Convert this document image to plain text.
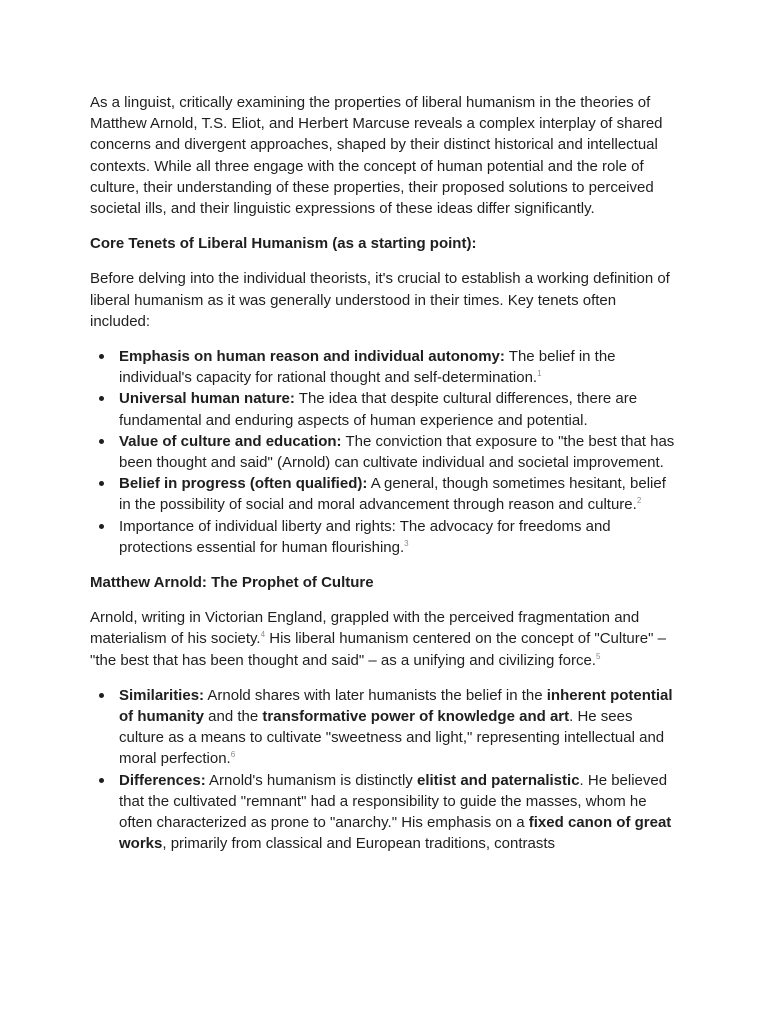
As a linguist, critically examining the properties of liberal humanism in the theories of Matthew Arnold, T.S. Eliot, and Herbert Marcuse reveals a complex interplay of shared concerns and divergent approaches, shaped by their distinct historical and intellectual contexts. While all three engage with the concept of human potential and the role of culture, their understanding of these properties, their proposed solutions to perceived societal ills, and their linguistic expressions of these ideas differ significantly.

Core Tenets of Liberal Humanism (as a starting point):

Before delving into the individual theorists, it's crucial to establish a working definition of liberal humanism as it was generally understood in their times. Key tenets often included:

Emphasis on human reason and individual autonomy: The belief in the individual's capacity for rational thought and self-determination.$^1$
Universal human nature: The idea that despite cultural differences, there are fundamental and enduring aspects of human experience and potential.
Value of culture and education: The conviction that exposure to "the best that has been thought and said" (Arnold) can cultivate individual and societal improvement.
Belief in progress (often qualified): A general, though sometimes hesitant, belief in the possibility of social and moral advancement through reason and culture.$^2$
Importance of individual liberty and rights: The advocacy for freedoms and protections essential for human flourishing.$^3$

Matthew Arnold: The Prophet of Culture

Arnold, writing in Victorian England, grappled with the perceived fragmentation and materialism of his society.$^4$ His liberal humanism centered on the concept of "Culture" – "the best that has been thought and said" – as a unifying and civilizing force.$^5$

Similarities: Arnold shares with later humanists the belief in the inherent potential of humanity and the transformative power of knowledge and art. He sees culture as a means to cultivate "sweetness and light," representing intellectual and moral perfection.$^6$
Differences: Arnold's humanism is distinctly elitist and paternalistic. He believed that the cultivated "remnant" had a responsibility to guide the masses, whom he often characterized as prone to "anarchy." His emphasis on a fixed canon of great works, primarily from classical and European traditions, contrasts
